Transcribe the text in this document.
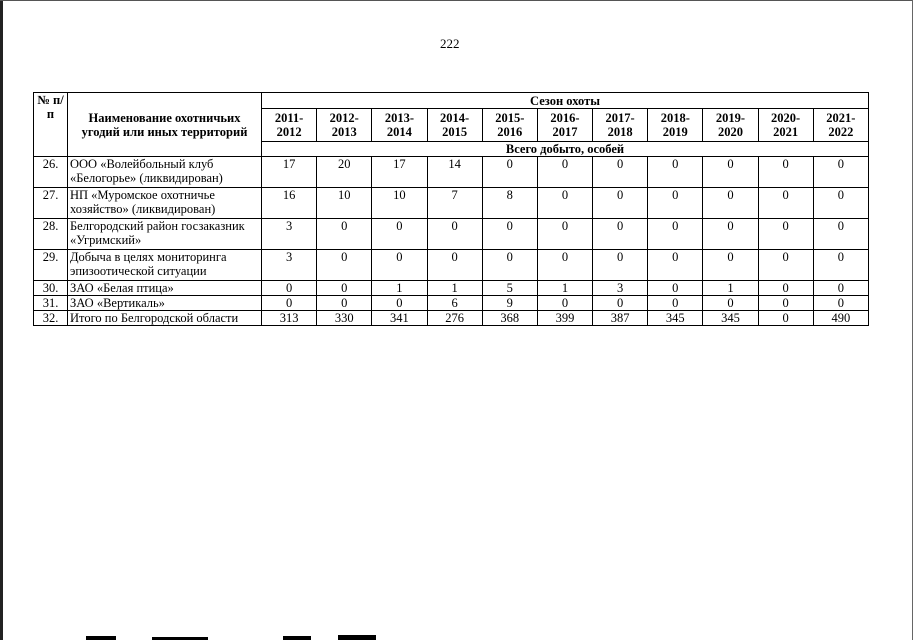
222
№ п/п	Наименование охотничьих угодий или иных территорий	Сезон охоты										
		2011-2012	2012-2013	2013-2014	2014-2015	2015-2016	2016-2017	2017-2018	2018-2019	2019-2020	2020-2021	2021-2022
		Всего добыто, особей										
26.	ООО «Волейбольный клуб «Белогорье» (ликвидирован)	17	20	17	14	0	0	0	0	0	0	0
27.	НП «Муромское охотничье хозяйство» (ликвидирован)	16	10	10	7	8	0	0	0	0	0	0
28.	Белгородский район госзаказник «Угримский»	3	0	0	0	0	0	0	0	0	0	0
29.	Добыча в целях мониторинга эпизоотической ситуации	3	0	0	0	0	0	0	0	0	0	0
30.	ЗАО «Белая птица»	0	0	1	1	5	1	3	0	1	0	0
31.	ЗАО «Вертикаль»	0	0	0	6	9	0	0	0	0	0	0
32.	Итого по Белгородской области	313	330	341	276	368	399	387	345	345	0	490
